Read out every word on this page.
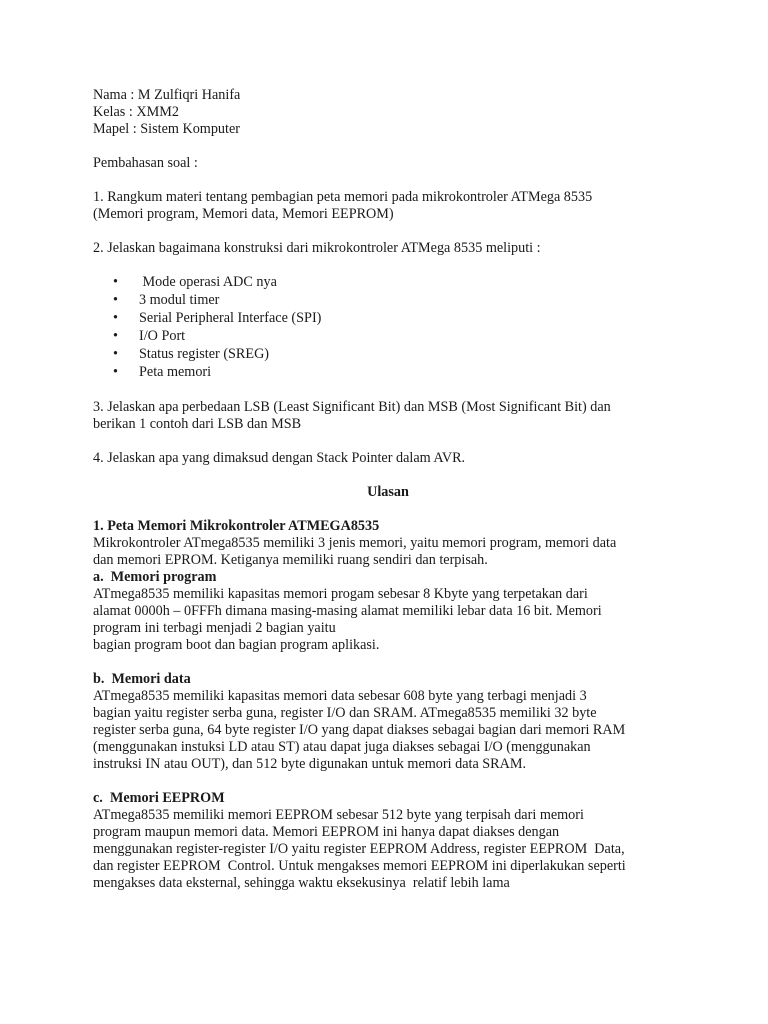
Nama : M Zulfiqri Hanifa
Kelas : XMM2
Mapel : Sistem Komputer
Pembahasan soal :
1. Rangkum materi tentang pembagian peta memori pada mikrokontroler ATMega 8535
(Memori program, Memori data, Memori EEPROM)
2. Jelaskan bagaimana konstruksi dari mikrokontroler ATMega 8535 meliputi :
• Mode operasi ADC nya
• 3 modul timer
• Serial Peripheral Interface (SPI)
• I/O Port
• Status register (SREG)
• Peta memori
3. Jelaskan apa perbedaan LSB (Least Significant Bit) dan MSB (Most Significant Bit) dan
berikan 1 contoh dari LSB dan MSB
4. Jelaskan apa yang dimaksud dengan Stack Pointer dalam AVR.
Ulasan
1. Peta Memori Mikrokontroler ATMEGA8535
Mikrokontroler ATmega8535 memiliki 3 jenis memori, yaitu memori program, memori data
dan memori EPROM. Ketiganya memiliki ruang sendiri dan terpisah.
a.  Memori program
ATmega8535 memiliki kapasitas memori progam sebesar 8 Kbyte yang terpetakan dari
alamat 0000h – 0FFFh dimana masing-masing alamat memiliki lebar data 16 bit. Memori
program ini terbagi menjadi 2 bagian yaitu
bagian program boot dan bagian program aplikasi.
b.  Memori data
ATmega8535 memiliki kapasitas memori data sebesar 608 byte yang terbagi menjadi 3
bagian yaitu register serba guna, register I/O dan SRAM. ATmega8535 memiliki 32 byte
register serba guna, 64 byte register I/O yang dapat diakses sebagai bagian dari memori RAM
(menggunakan instuksi LD atau ST) atau dapat juga diakses sebagai I/O (menggunakan
instruksi IN atau OUT), dan 512 byte digunakan untuk memori data SRAM.
c.  Memori EEPROM
ATmega8535 memiliki memori EEPROM sebesar 512 byte yang terpisah dari memori
program maupun memori data. Memori EEPROM ini hanya dapat diakses dengan
menggunakan register-register I/O yaitu register EEPROM Address, register EEPROM  Data,
dan register EEPROM  Control. Untuk mengakses memori EEPROM ini diperlakukan seperti
mengakses data eksternal, sehingga waktu eksekusinya  relatif lebih lama
